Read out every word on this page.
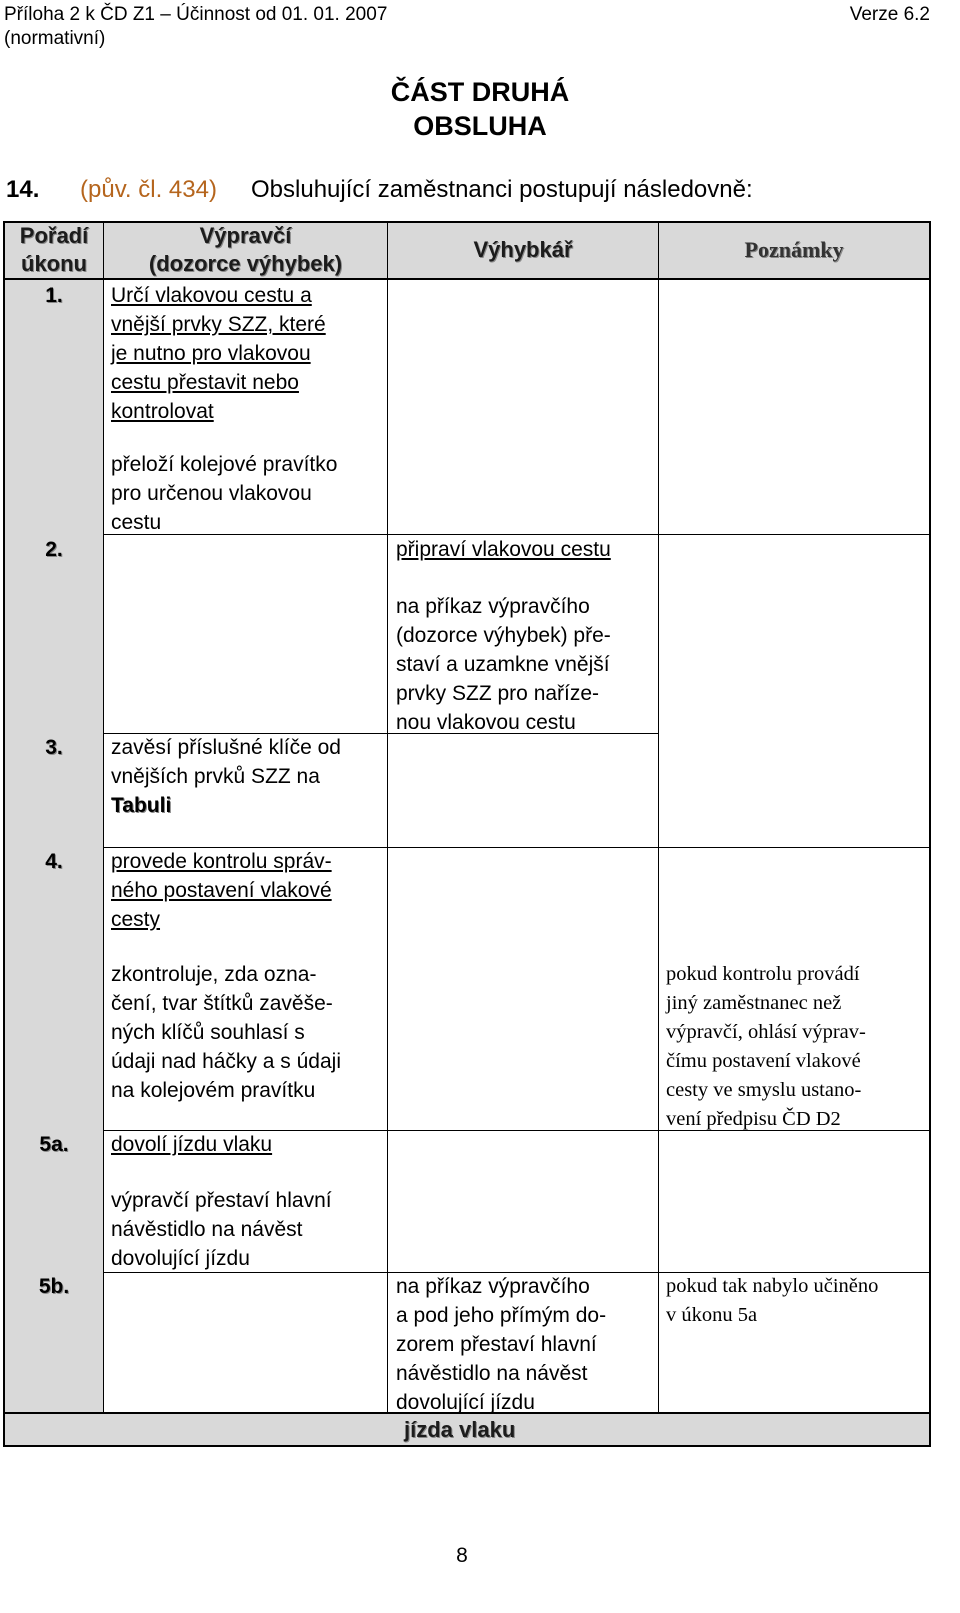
Příloha 2 k ČD Z1 – Účinnost od 01. 01. 2007
(normativní)
Verze 6.2
ČÁST DRUHÁ
OBSLUHA
14. (pův. čl. 434) Obsluhující zaměstnanci postupují následovně:
Pořadí
úkonu
Výpravčí
(dozorce výhybek)
Výhybkář	Poznámky
1.
2.
3.
4.
5a.
5b.
Určí vlakovou cestu a
vnější prvky SZZ, které
je nutno pro vlakovou
cestu přestavit nebo
kontrolovat
přeloží kolejové pravítko
pro určenou vlakovou
cestu
připraví vlakovou cestu
na příkaz výpravčího
(dozorce výhybek) pře-
staví a uzamkne vnější
prvky SZZ pro nařízе-
nou vlakovou cestu
zavěsí příslušné klíče od
vnějších prvků SZZ na
Tabuli
provede kontrolu správ-
ného postavení vlakové
cesty
zkontroluje, zda ozna-
čení, tvar štítků zavěše-
ných klíčů souhlasí s
údaji nad háčky a s údaji
na kolejovém pravítku
pokud kontrolu provádí
jiný zaměstnanec než
výpravčí, ohlásí výprav-
čímu postavení vlakové
cesty ve smyslu ustano-
vení předpisu ČD D2
dovolí jízdu vlaku
výpravčí přestaví hlavní
návěstidlo na návěst
dovolující jízdu
na příkaz výpravčího
a pod jeho přímým do-
zorem přestaví hlavní
návěstidlo na návěst
dovolující jízdu
pokud tak nabylo učiněno
v úkonu 5a
jízda vlaku
8
